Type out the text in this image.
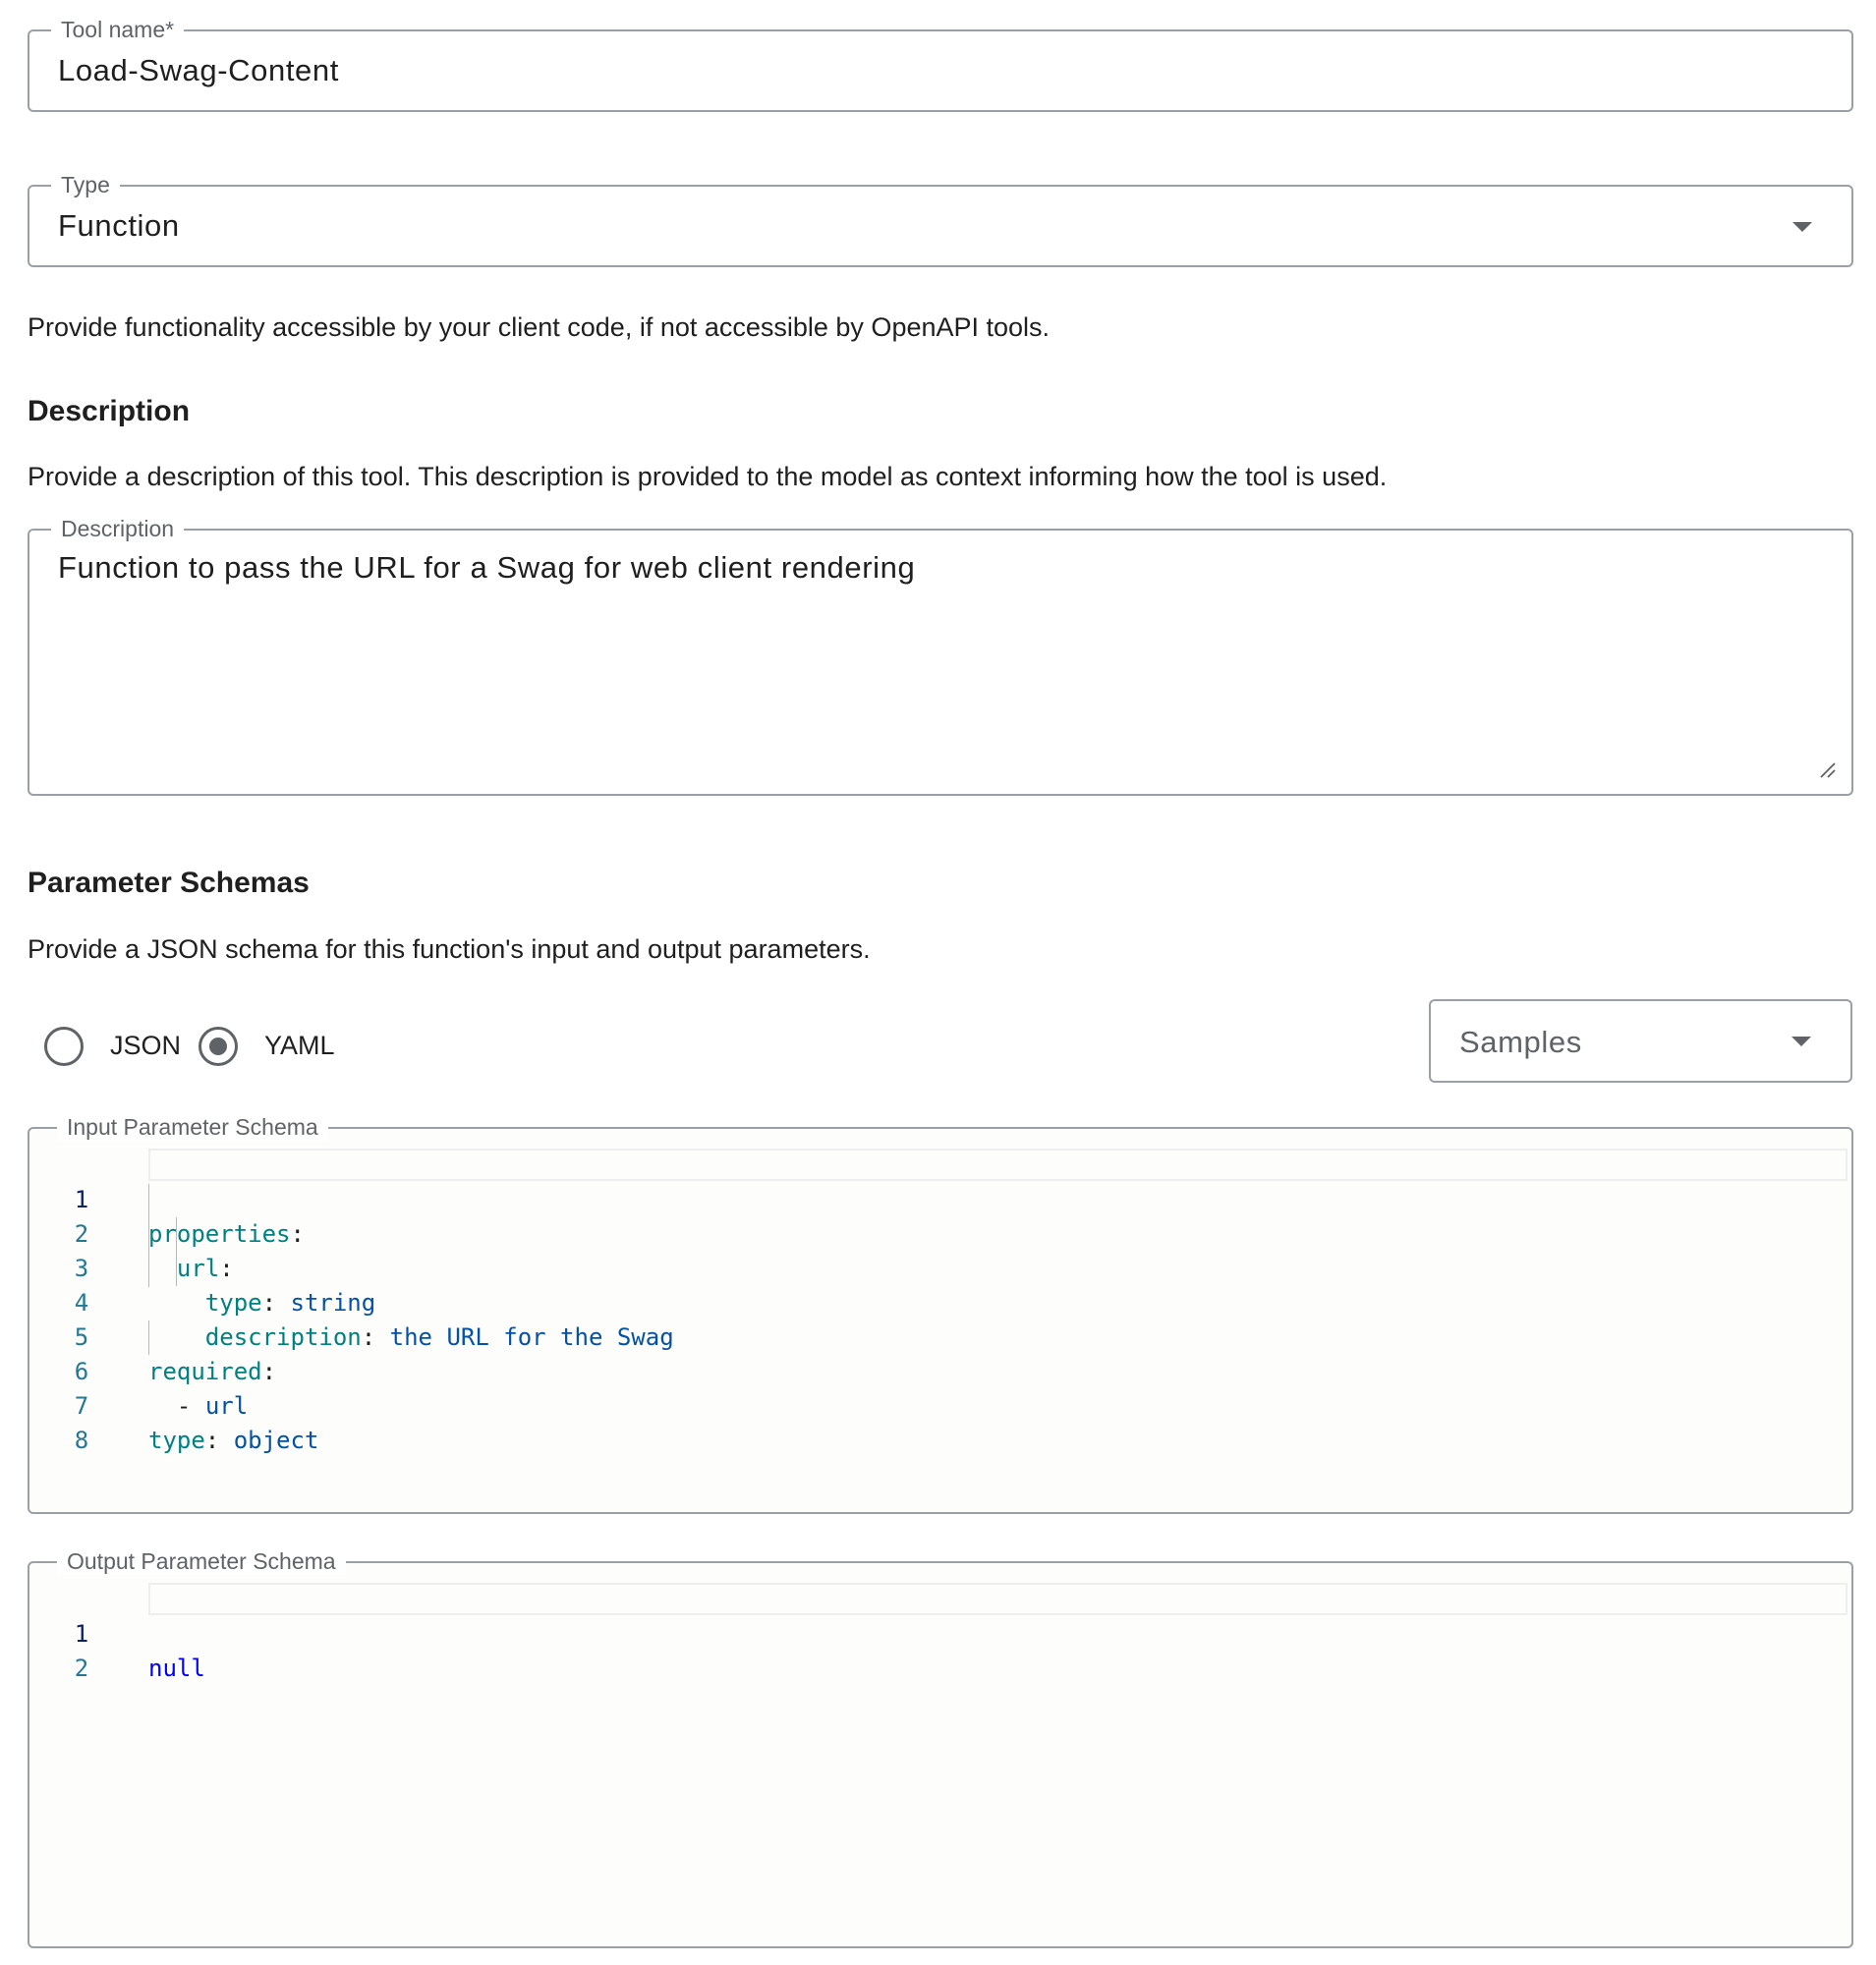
Tool name*
Load-Swag-Content
Type
Function
Provide functionality accessible by your client code, if not accessible by OpenAPI tools.
Description
Provide a description of this tool. This description is provided to the model as context informing how the tool is used.
Description
Function to pass the URL for a Swag for web client rendering
Parameter Schemas
Provide a JSON schema for this function's input and output parameters.
JSON	YAML	Samples
Input Parameter Schema

1

properties:

2

url:

3

type: string

4

description: the URL for the Swag

5

required:

6

- url

7

type: object

8

Output Parameter Schema

1

null

2
